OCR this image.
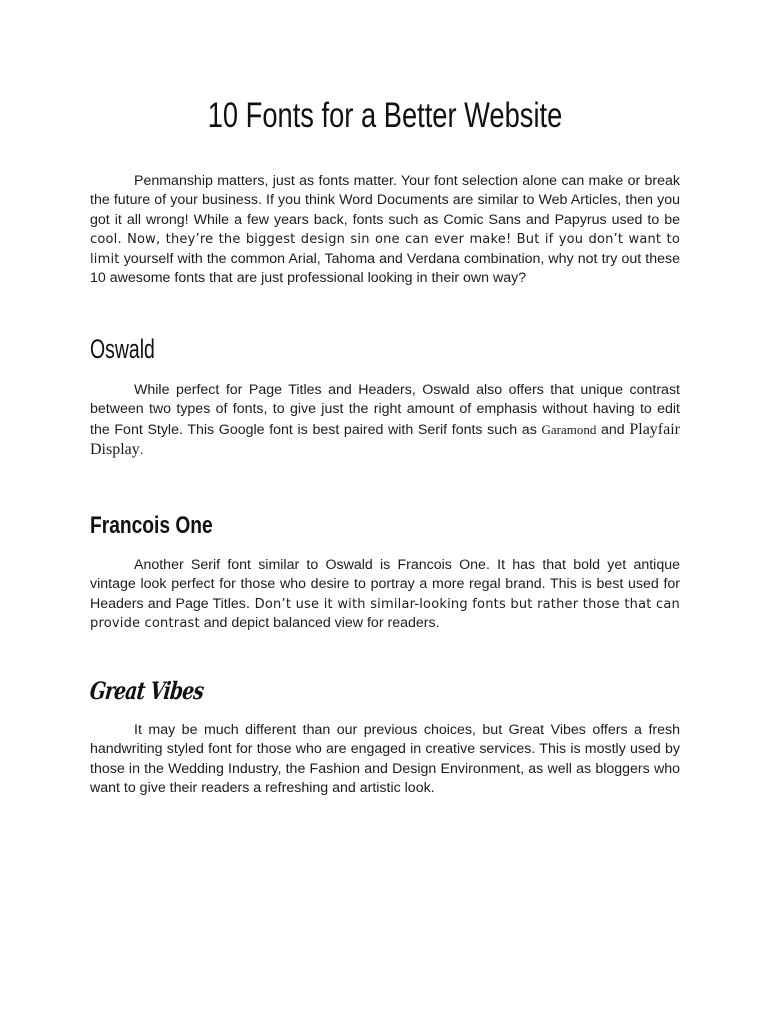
10 Fonts for a Better Website

Penmanship matters, just as fonts matter. Your font selection alone can make or break the future of your business. If you think Word Documents are similar to Web Articles, then you got it all wrong! While a few years back, fonts such as Comic Sans and Papyrus used to be cool. Now, they’re the biggest design sin one can ever make! But if you don’t want to limit yourself with the common Arial, Tahoma and Verdana combination, why not try out these 10 awesome fonts that are just professional looking in their own way?

Oswald

While perfect for Page Titles and Headers, Oswald also offers that unique contrast between two types of fonts, to give just the right amount of emphasis without having to edit the Font Style. This Google font is best paired with Serif fonts such as Garamond and Playfair Display.

Francois One

Another Serif font similar to Oswald is Francois One. It has that bold yet antique vintage look perfect for those who desire to portray a more regal brand. This is best used for Headers and Page Titles. Don’t use it with similar-looking fonts but rather those that can provide contrast and depict balanced view for readers.

Great Vibes

It may be much different than our previous choices, but Great Vibes offers a fresh handwriting styled font for those who are engaged in creative services. This is mostly used by those in the Wedding Industry, the Fashion and Design Environment, as well as bloggers who want to give their readers a refreshing and artistic look.
